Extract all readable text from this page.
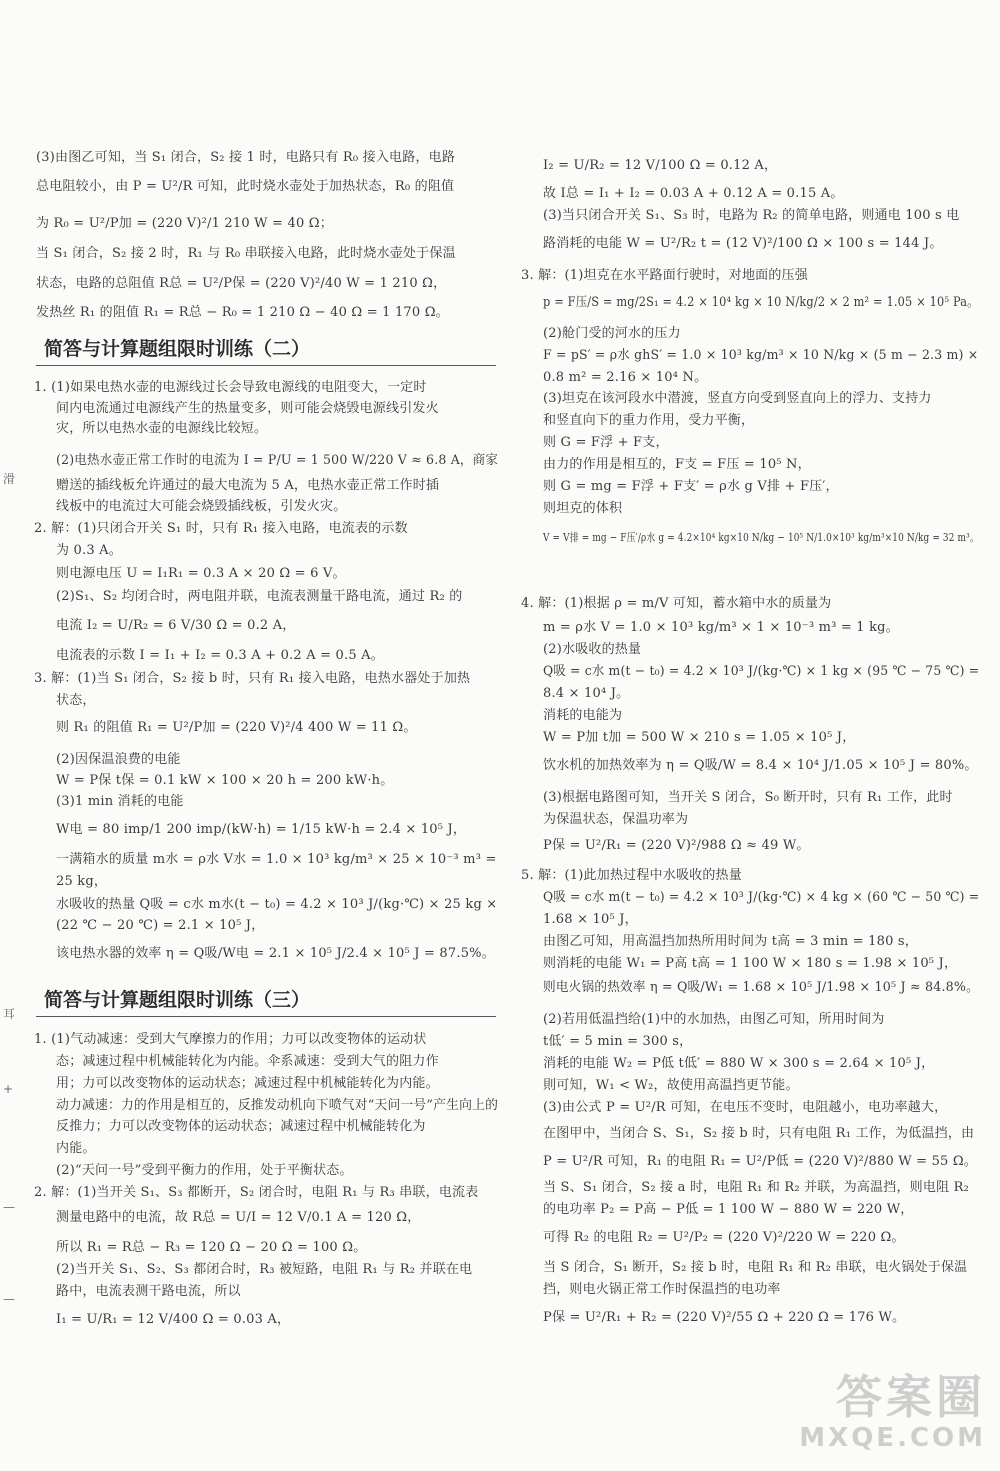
(3)由图乙可知，当 S₁ 闭合，S₂ 接 1 时，电路只有 R₀ 接入电路，电路
总电阻较小，由 P = U²/R 可知，此时烧水壶处于加热状态，R₀ 的阻值
为 R₀ = U²/P加 = (220 V)²/1 210 W = 40 Ω；
当 S₁ 闭合，S₂ 接 2 时，R₁ 与 R₀ 串联接入电路，此时烧水壶处于保温
状态，电路的总阻值 R总 = U²/P保 = (220 V)²/40 W = 1 210 Ω，
发热丝 R₁ 的阻值 R₁ = R总 − R₀ = 1 210 Ω − 40 Ω = 1 170 Ω。
简答与计算题组限时训练（二）
1. (1)如果电热水壶的电源线过长会导致电源线的电阻变大，一定时
间内电流通过电源线产生的热量变多，则可能会烧毁电源线引发火
灾，所以电热水壶的电源线比较短。
(2)电热水壶正常工作时的电流为 I = P/U = 1 500 W/220 V ≈ 6.8 A，商家
赠送的插线板允许通过的最大电流为 5 A，电热水壶正常工作时插
线板中的电流过大可能会烧毁插线板，引发火灾。
2. 解：(1)只闭合开关 S₁ 时，只有 R₁ 接入电路，电流表的示数
为 0.3 A。
则电源电压 U = I₁R₁ = 0.3 A × 20 Ω = 6 V。
(2)S₁、S₂ 均闭合时，两电阻并联，电流表测量干路电流，通过 R₂ 的
电流 I₂ = U/R₂ = 6 V/30 Ω = 0.2 A，
电流表的示数 I = I₁ + I₂ = 0.3 A + 0.2 A = 0.5 A。
3. 解：(1)当 S₁ 闭合，S₂ 接 b 时，只有 R₁ 接入电路，电热水器处于加热
状态，
则 R₁ 的阻值 R₁ = U²/P加 = (220 V)²/4 400 W = 11 Ω。
(2)因保温浪费的电能
W = P保 t保 = 0.1 kW × 100 × 20 h = 200 kW·h。
(3)1 min 消耗的电能
W电 = 80 imp/1 200 imp/(kW·h) = 1/15 kW·h = 2.4 × 10⁵ J，
一满箱水的质量 m水 = ρ水 V水 = 1.0 × 10³ kg/m³ × 25 × 10⁻³ m³ =
25 kg，
水吸收的热量 Q吸 = c水 m水(t − t₀) = 4.2 × 10³ J/(kg·℃) × 25 kg ×
(22 ℃ − 20 ℃) = 2.1 × 10⁵ J，
该电热水器的效率 η = Q吸/W电 = 2.1 × 10⁵ J/2.4 × 10⁵ J = 87.5%。
简答与计算题组限时训练（三）
1. (1)气动减速：受到大气摩擦力的作用；力可以改变物体的运动状
态；减速过程中机械能转化为内能。伞系减速：受到大气的阻力作
用；力可以改变物体的运动状态；减速过程中机械能转化为内能。
动力减速：力的作用是相互的，反推发动机向下喷气对“天问一号”产生向上的
反推力；力可以改变物体的运动状态；减速过程中机械能转化为
内能。
(2)“天问一号”受到平衡力的作用，处于平衡状态。
2. 解：(1)当开关 S₁、S₃ 都断开，S₂ 闭合时，电阻 R₁ 与 R₃ 串联，电流表
测量电路中的电流，故 R总 = U/I = 12 V/0.1 A = 120 Ω，
所以 R₁ = R总 − R₃ = 120 Ω − 20 Ω = 100 Ω。
(2)当开关 S₁、S₂、S₃ 都闭合时，R₃ 被短路，电阻 R₁ 与 R₂ 并联在电
路中，电流表测干路电流，所以
I₁ = U/R₁ = 12 V/400 Ω = 0.03 A，
I₂ = U/R₂ = 12 V/100 Ω = 0.12 A，
故 I总 = I₁ + I₂ = 0.03 A + 0.12 A = 0.15 A。
(3)当只闭合开关 S₁、S₃ 时，电路为 R₂ 的简单电路，则通电 100 s 电
路消耗的电能 W = U²/R₂ t = (12 V)²/100 Ω × 100 s = 144 J。
3. 解：(1)坦克在水平路面行驶时，对地面的压强
p = F压/S = mg/2S₁ = 4.2 × 10⁴ kg × 10 N/kg/2 × 2 m² = 1.05 × 10⁵ Pa。
(2)舱门受的河水的压力
F = pS′ = ρ水 ghS′ = 1.0 × 10³ kg/m³ × 10 N/kg × (5 m − 2.3 m) ×
0.8 m² = 2.16 × 10⁴ N。
(3)坦克在该河段水中潜渡，竖直方向受到竖直向上的浮力、支持力
和竖直向下的重力作用，受力平衡，
则 G = F浮 + F支，
由力的作用是相互的，F支 = F压 = 10⁵ N，
则 G = mg = F浮 + F支′ = ρ水 g V排 + F压′，
则坦克的体积
V = V排 = mg − F压′/ρ水 g = 4.2×10⁴ kg×10 N/kg − 10⁵ N/1.0×10³ kg/m³×10 N/kg = 32 m³。
4. 解：(1)根据 ρ = m/V 可知，蓄水箱中水的质量为
m = ρ水 V = 1.0 × 10³ kg/m³ × 1 × 10⁻³ m³ = 1 kg。
(2)水吸收的热量
Q吸 = c水 m(t − t₀) = 4.2 × 10³ J/(kg·℃) × 1 kg × (95 ℃ − 75 ℃) =
8.4 × 10⁴ J。
消耗的电能为
W = P加 t加 = 500 W × 210 s = 1.05 × 10⁵ J，
饮水机的加热效率为 η = Q吸/W = 8.4 × 10⁴ J/1.05 × 10⁵ J = 80%。
(3)根据电路图可知，当开关 S 闭合，S₀ 断开时，只有 R₁ 工作，此时
为保温状态，保温功率为
P保 = U²/R₁ = (220 V)²/988 Ω ≈ 49 W。
5. 解：(1)此加热过程中水吸收的热量
Q吸 = c水 m(t − t₀) = 4.2 × 10³ J/(kg·℃) × 4 kg × (60 ℃ − 50 ℃) =
1.68 × 10⁵ J，
由图乙可知，用高温挡加热所用时间为 t高 = 3 min = 180 s，
则消耗的电能 W₁ = P高 t高 = 1 100 W × 180 s = 1.98 × 10⁵ J，
则电火锅的热效率 η = Q吸/W₁ = 1.68 × 10⁵ J/1.98 × 10⁵ J ≈ 84.8%。
(2)若用低温挡给(1)中的水加热，由图乙可知，所用时间为
t低′ = 5 min = 300 s，
消耗的电能 W₂ = P低 t低′ = 880 W × 300 s = 2.64 × 10⁵ J，
則可知，W₁ < W₂，故使用高温挡更节能。
(3)由公式 P = U²/R 可知，在电压不变时，电阻越小，电功率越大，
在图甲中，当闭合 S、S₁，S₂ 接 b 时，只有电阻 R₁ 工作，为低温挡，由
P = U²/R 可知，R₁ 的电阻 R₁ = U²/P低 = (220 V)²/880 W = 55 Ω。
当 S、S₁ 闭合，S₂ 接 a 时，电阻 R₁ 和 R₂ 并联，为高温挡，则电阻 R₂
的电功率 P₂ = P高 − P低 = 1 100 W − 880 W = 220 W，
可得 R₂ 的电阻 R₂ = U²/P₂ = (220 V)²/220 W = 220 Ω。
当 S 闭合，S₁ 断开，S₂ 接 b 时，电阻 R₁ 和 R₂ 串联，电火锅处于保温
挡，则电火锅正常工作时保温挡的电功率
P保 = U²/R₁ + R₂ = (220 V)²/55 Ω + 220 Ω = 176 W。
滑
耳
+
—
—
答案圈
MXQE.COM
